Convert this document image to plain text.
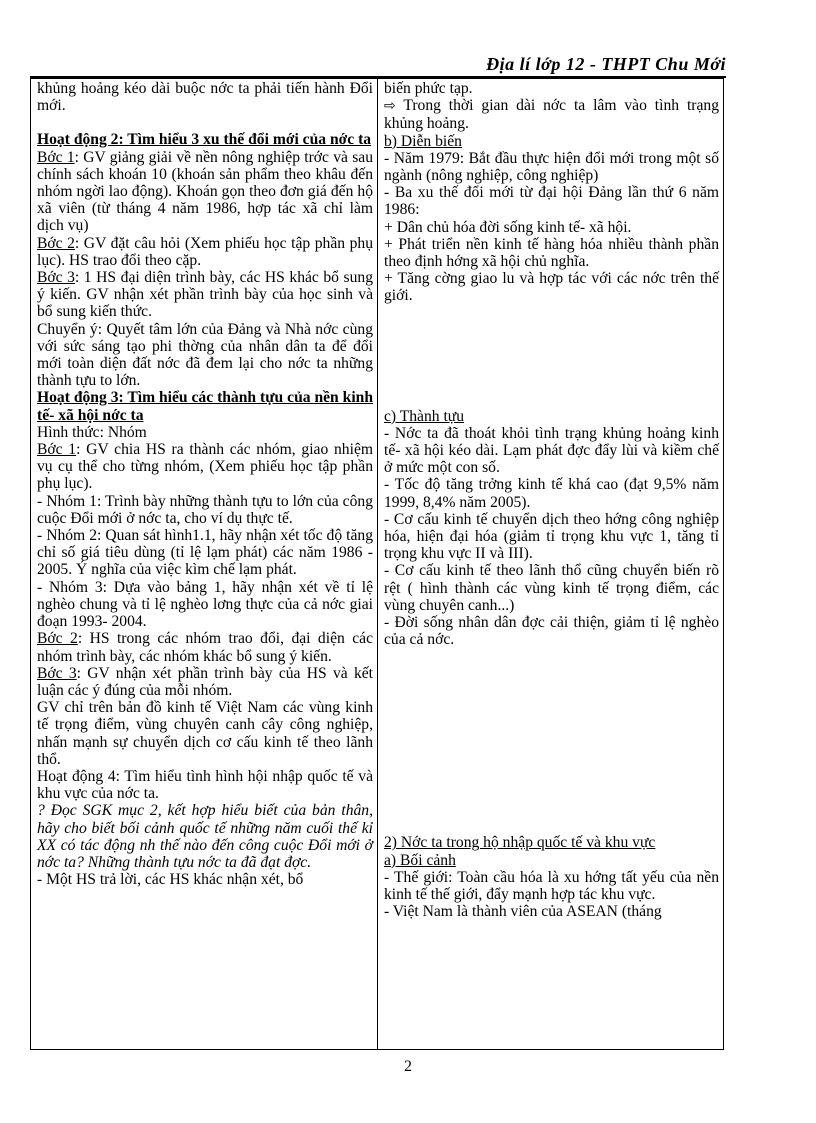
Địa lí lớp 12 - THPT Chu Mới

khủng hoảng kéo dài buộc nớc ta phải tiến hành Đổi mới.

Hoạt động 2: Tìm hiểu 3 xu thế đổi mới của nớc ta

Bớc 1: GV giảng giải về nền nông nghiệp trớc và sau chính sách khoán 10 (khoán sản phẩm theo khâu đến nhóm ngời lao động). Khoán gọn theo đơn giá đến hộ xã viên (từ tháng 4 năm 1986, hợp tác xã chỉ làm dịch vụ)

Bớc 2: GV đặt câu hỏi (Xem phiếu học tập phần phụ lục). HS trao đổi theo cặp.

Bớc 3: 1 HS đại diện trình bày, các HS khác bổ sung ý kiến. GV nhận xét phần trình bày của học sinh và bổ sung kiến thức.

Chuyển ý: Quyết tâm lớn của Đảng và Nhà nớc cùng với sức sáng tạo phi thờng của nhân dân ta để đổi mới toàn diện đất nớc đã đem lại cho nớc ta những thành tựu to lớn.

Hoạt động 3: Tìm hiểu các thành tựu của nền kinh tế- xã hội nớc ta

Hình thức: Nhóm

Bớc 1: GV chia HS ra thành các nhóm, giao nhiệm vụ cụ thể cho từng nhóm, (Xem phiếu học tập phần phụ lục).

- Nhóm 1: Trình bày những thành tựu to lớn của công cuộc Đổi mới ở nớc ta, cho ví dụ thực tế.

- Nhóm 2: Quan sát hình1.1, hãy nhận xét tốc độ tăng chỉ số giá tiêu dùng (tỉ lệ lạm phát) các năm 1986 - 2005. Ý nghĩa của việc kìm chế lạm phát.

- Nhóm 3: Dựa vào bảng 1, hãy nhận xét về tỉ lệ nghèo chung và tỉ lệ nghèo lơng thực của cả nớc giai đoạn 1993- 2004.

Bớc 2: HS trong các nhóm trao đổi, đại diện các nhóm trình bày, các nhóm khác bổ sung ý kiến.

Bớc 3: GV nhận xét phần trình bày của HS và kết luận các ý đúng của mỗi nhóm.

GV chỉ trên bản đồ kinh tế Việt Nam các vùng kinh tế trọng điểm, vùng chuyên canh cây công nghiệp, nhấn mạnh sự chuyển dịch cơ cấu kinh tế theo lãnh thổ.

Hoạt động 4: Tìm hiểu tình hình hội nhập quốc tế và khu vực của nớc ta.

? Đọc SGK mục 2, kết hợp hiểu biết của bản thân, hãy cho biết bối cảnh quốc tế những năm cuối thế kỉ XX có tác động nh thế nào đến công cuộc Đổi mới ở nớc ta? Những thành tựu nớc ta đã đạt đợc.

- Một HS trả lời, các HS khác nhận xét, bổ

biến phức tạp.

⇨ Trong thời gian dài nớc ta lâm vào tình trạng khủng hoảng.

b) Diễn biến

- Năm 1979: Bắt đầu thực hiện đổi mới trong một số ngành (nông nghiệp, công nghiệp)

- Ba xu thế đổi mới từ đại hội Đảng lần thứ 6 năm 1986:

+ Dân chủ hóa đời sống kinh tế- xã hội.

+ Phát triển nền kinh tế hàng hóa nhiều thành phần theo định hớng xã hội chủ nghĩa.

+ Tăng cờng giao lu và hợp tác với các nớc trên thế giới.

c) Thành tựu

- Nớc ta đã thoát khỏi tình trạng khủng hoảng kinh tế- xã hội kéo dài. Lạm phát đợc đẩy lùi và kiềm chế ở mức một con số.

- Tốc độ tăng trởng kinh tế khá cao (đạt 9,5% năm 1999, 8,4% năm 2005).

- Cơ cấu kinh tế chuyển dịch theo hớng công nghiệp hóa, hiện đại hóa (giảm tỉ trọng khu vực 1, tăng tỉ trọng khu vực II và III).

- Cơ cấu kinh tế theo lãnh thổ cũng chuyển biến rõ rệt ( hình thành các vùng kinh tế trọng điểm, các vùng chuyên canh...)

- Đời sống nhân dân đợc cải thiện, giảm tỉ lệ nghèo của cả nớc.

2) Nớc ta trong hộ nhập quốc tế và khu vực

a) Bối cảnh

- Thế giới: Toàn cầu hóa là xu hớng tất yếu của nền kinh tế thế giới, đẩy mạnh hợp tác khu vực.

- Việt Nam là thành viên của ASEAN (tháng

2
